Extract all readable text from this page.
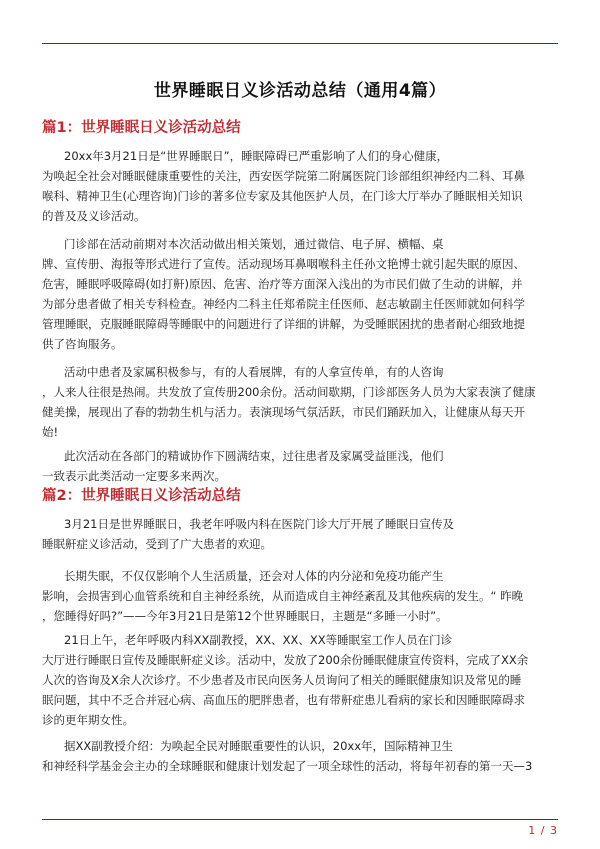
世界睡眠日义诊活动总结（通用4篇）
篇1：世界睡眠日义诊活动总结
20xx年3月21日是“世界睡眠日”，睡眠障碍已严重影响了人们的身心健康，
为唤起全社会对睡眠健康重要性的关注，西安医学院第二附属医院门诊部组织神经内二科、耳鼻
喉科、精神卫生(心理咨询)门诊的著多位专家及其他医护人员，在门诊大厅举办了睡眠相关知识
的普及及义诊活动。
门诊部在活动前期对本次活动做出相关策划，通过微信、电子屏、横幅、桌
牌、宣传册、海报等形式进行了宣传。活动现场耳鼻咽喉科主任孙文艳博士就引起失眠的原因、
危害，睡眠呼吸障碍(如打鼾)原因、危害、治疗等方面深入浅出的为市民们做了生动的讲解，并
为部分患者做了相关专科检查。神经内二科主任郑希院主任医师、赵志敏副主任医师就如何科学
管理睡眠，克服睡眠障碍等睡眠中的问题进行了详细的讲解，为受睡眠困扰的患者耐心细致地提
供了咨询服务。
活动中患者及家属积极参与，有的人看展牌，有的人拿宣传单，有的人咨询
，人来人往很是热闹。共发放了宣传册200余份。活动间歇期，门诊部医务人员为大家表演了健康
健美操，展现出了春的勃勃生机与活力。表演现场气氛活跃，市民们踊跃加入，让健康从每天开
始!
此次活动在各部门的精诚协作下圆满结束，过往患者及家属受益匪浅，他们
一致表示此类活动一定要多来两次。
篇2：世界睡眠日义诊活动总结
3月21日是世界睡眠日，我老年呼吸内科在医院门诊大厅开展了睡眠日宣传及
睡眠鼾症义诊活动，受到了广大患者的欢迎。
长期失眠，不仅仅影响个人生活质量，还会对人体的内分泌和免疫功能产生
影响，会损害到心血管系统和自主神经系统，从而造成自主神经紊乱及其他疾病的发生。“ 昨晚
，您睡得好吗?”——今年3月21日是第12个世界睡眠日，主题是“多睡一小时”。
21日上午，老年呼吸内科XX副教授，XX、XX、XX等睡眠室工作人员在门诊
大厅进行睡眠日宣传及睡眠鼾症义诊。活动中，发放了200余份睡眠健康宣传资料，完成了XX余
人次的咨询及X余人次诊疗。不少患者及市民向医务人员询问了相关的睡眠健康知识及常见的睡
眠问题，其中不乏合并冠心病、高血压的肥胖患者，也有带鼾症患儿看病的家长和因睡眠障碍求
诊的更年期女性。
据XX副教授介绍：为唤起全民对睡眠重要性的认识，20xx年，国际精神卫生
和神经科学基金会主办的全球睡眠和健康计划发起了一项全球性的活动，将每年初春的第一天—3
1 / 3
